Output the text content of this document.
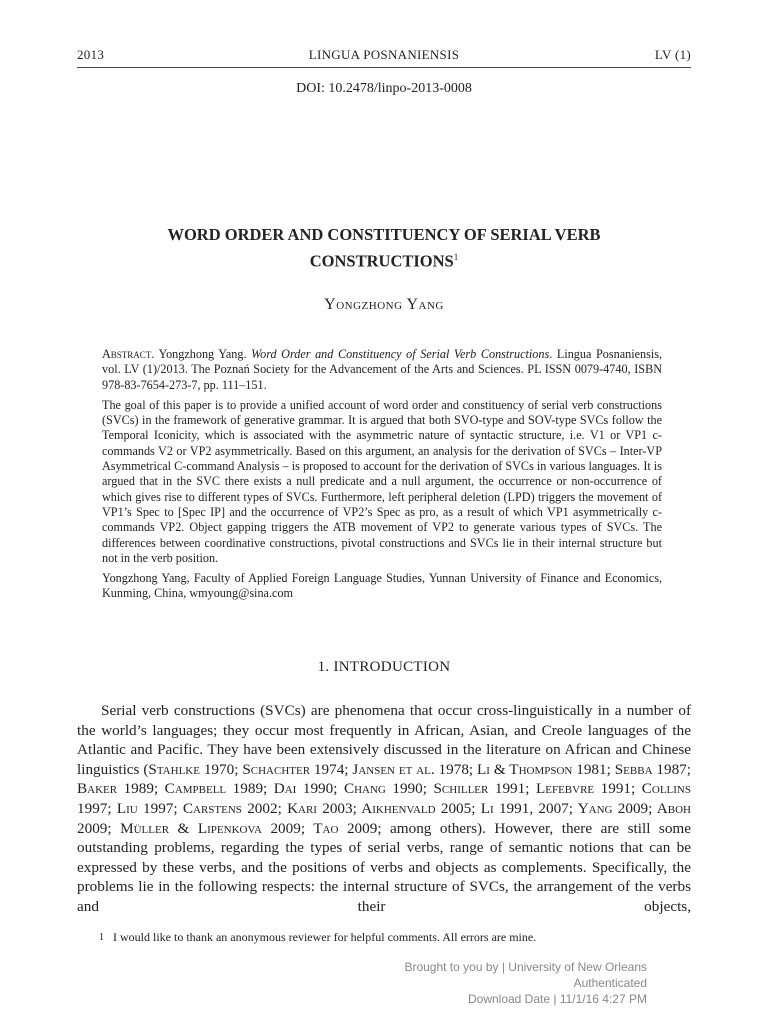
2013	LINGUA POSNANIENSIS	LV (1)
DOI: 10.2478/linpo-2013-0008
WORD ORDER AND CONSTITUENCY OF SERIAL VERB
CONSTRUCTIONS$^1$
Yongzhong Yang

Abstract. Yongzhong Yang. Word Order and Constituency of Serial Verb Constructions. Lingua Posnaniensis, vol. LV (1)/2013. The Poznań Society for the Advancement of the Arts and Sciences. PL ISSN 0079-4740, ISBN 978-83-7654-273-7, pp. 111–151.

The goal of this paper is to provide a unified account of word order and constituency of serial verb constructions (SVCs) in the framework of generative grammar. It is argued that both SVO-type and SOV-type SVCs follow the Temporal Iconicity, which is associated with the asymmetric nature of syntactic structure, i.e. V1 or VP1 c-commands V2 or VP2 asymmetrically. Based on this argument, an analysis for the derivation of SVCs – Inter-VP Asymmetrical C-command Analysis – is proposed to account for the derivation of SVCs in various languages. It is argued that in the SVC there exists a null predicate and a null argument, the occurrence or non-occurrence of which gives rise to different types of SVCs. Furthermore, left peripheral deletion (LPD) triggers the movement of VP1’s Spec to [Spec IP] and the occurrence of VP2’s Spec as pro, as a result of which VP1 asymmetrically c-commands VP2. Object gapping triggers the ATB movement of VP2 to generate various types of SVCs. The differences between coordinative constructions, pivotal constructions and SVCs lie in their internal structure but not in the verb position.

Yongzhong Yang, Faculty of Applied Foreign Language Studies, Yunnan University of Finance and Economics, Kunming, China, wmyoung@sina.com

1. INTRODUCTION
Serial verb constructions (SVCs) are phenomena that occur cross-linguistically in a number of the world’s languages; they occur most frequently in African, Asian, and Creole languages of the Atlantic and Pacific. They have been extensively discussed in the literature on African and Chinese linguistics (Stahlke 1970; Schachter 1974; Jansen et al. 1978; Li & Thompson 1981; Sebba 1987; Baker 1989; Campbell 1989; Dai 1990; Chang 1990; Schiller 1991; Lefebvre 1991; Collins 1997; Liu 1997; Carstens 2002; Kari 2003; Aikhenvald 2005; Li 1991, 2007; Yang 2009; Aboh 2009; Müller & Lipenkova 2009; Tao 2009; among others). However, there are still some outstanding problems, regarding the types of serial verbs, range of semantic notions that can be expressed by these verbs, and the positions of verbs and objects as complements. Specifically, the problems lie in the following respects: the internal structure of SVCs, the arrangement of the verbs and their objects,
1 I would like to thank an anonymous reviewer for helpful comments. All errors are mine.
Brought to you by | University of New Orleans
Authenticated
Download Date | 11/1/16 4:27 PM
